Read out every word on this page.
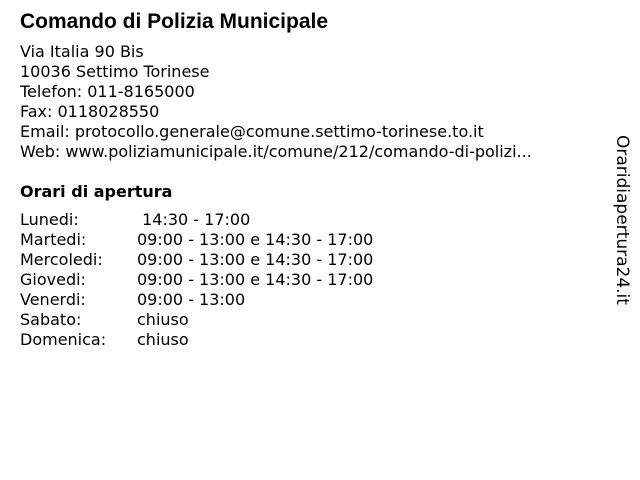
Comando di Polizia Municipale
Via Italia 90 Bis
10036 Settimo Torinese
Telefon: 011-8165000
Fax: 0118028550
Email: protocollo.generale@comune.settimo-torinese.to.it
Web: www.poliziamunicipale.it/comune/212/comando-di-polizi...
Orari di apertura
Lunedi:	14:30 - 17:00
Martedi:	09:00 - 13:00 e 14:30 - 17:00
Mercoledi:	09:00 - 13:00 e 14:30 - 17:00
Giovedi:	09:00 - 13:00 e 14:30 - 17:00
Venerdi:	09:00 - 13:00
Sabato:	chiuso
Domenica:	chiuso
Oraridiapertura24.it
